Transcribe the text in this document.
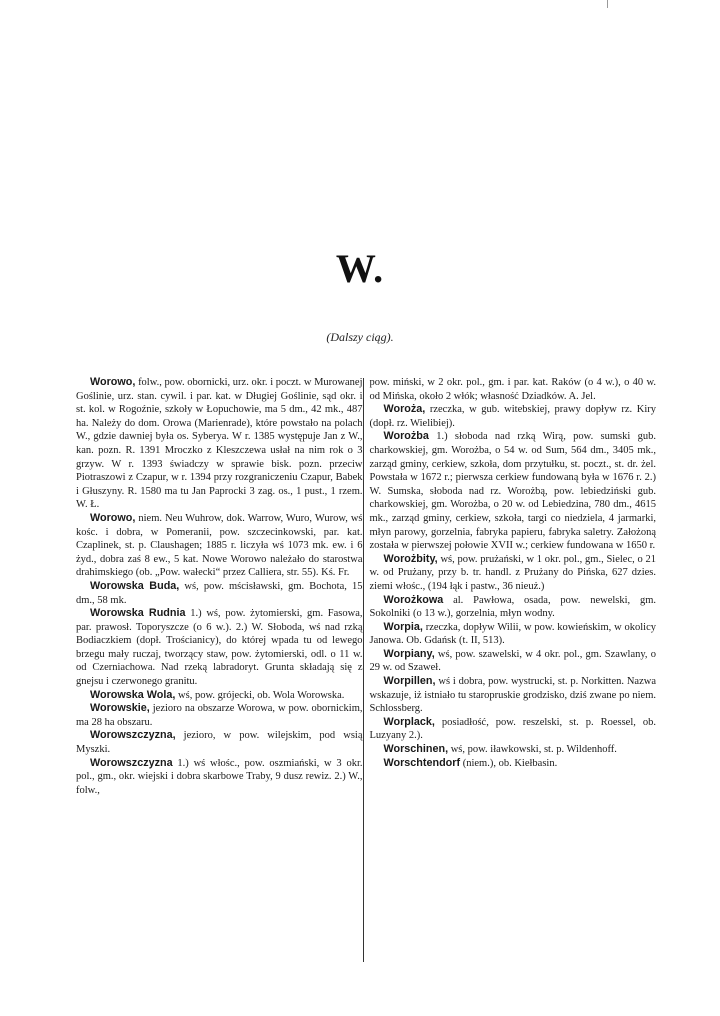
W.
(Dalszy ciąg).

Worowo, folw., pow. obornicki, urz. okr. i poczt. w Murowanej Goślinie, urz. stan. cywil. i par. kat. w Długiej Goślinie, sąd okr. i st. kol. w Rogoźnie, szkoły w Łopuchowie, ma 5 dm., 42 mk., 487 ha. Należy do dom. Orowa (Marienrade), które powstało na polach W., gdzie dawniej była os. Syberya. W r. 1385 występuje Jan z W., kan. pozn. R. 1391 Mroczko z Kleszczewa usłał na nim rok o 3 grzyw. W r. 1393 świadczy w sprawie bisk. pozn. przeciw Piotraszowi z Czapur, w r. 1394 przy rozgraniczeniu Czapur, Babek i Głuszyny. R. 1580 ma tu Jan Paprocki 3 zag. os., 1 pust., 1 rzem. W. Ł.

Worowo, niem. Neu Wuhrow, dok. Warrow, Wuro, Wurow, wś kośc. i dobra, w Pomeranii, pow. szczecinkowski, par. kat. Czaplinek, st. p. Claushagen; 1885 r. liczyła wś 1073 mk. ew. i 6 żyd., dobra zaś 8 ew., 5 kat. Nowe Worowo należało do starostwa drahimskiego (ob. „Pow. wałecki“ przez Calliera, str. 55). Kś. Fr.

Worowska Buda, wś, pow. mścisławski, gm. Bochota, 15 dm., 58 mk.

Worowska Rudnia 1.) wś, pow. żytomierski, gm. Fasowa, par. prawosł. Toporyszcze (o 6 w.). 2.) W. Słoboda, wś nad rzką Bodiaczkiem (dopł. Trościanicy), do której wpada tu od lewego brzegu mały ruczaj, tworzący staw, pow. żytomierski, odl. o 11 w. od Czerniachowa. Nad rzeką labradoryt. Grunta składają się z gnejsu i czerwonego granitu.

Worowska Wola, wś, pow. grójecki, ob. Wola Worowska.

Worowskie, jezioro na obszarze Worowa, w pow. obornickim, ma 28 ha obszaru.

Worowszczyzna, jezioro, w pow. wilejskim, pod wsią Myszki.

Worowszczyzna 1.) wś włośc., pow. oszmiański, w 3 okr. pol., gm., okr. wiejski i dobra skarbowe Traby, 9 dusz rewiz. 2.) W., folw.,

pow. miński, w 2 okr. pol., gm. i par. kat. Raków (o 4 w.), o 40 w. od Mińska, około 2 włók; własność Dziadków. A. Jel.

Woroża, rzeczka, w gub. witebskiej, prawy dopływ rz. Kiry (dopł. rz. Wielibiej).

Worożba 1.) słoboda nad rzką Wirą, pow. sumski gub. charkowskiej, gm. Worożba, o 54 w. od Sum, 564 dm., 3405 mk., zarząd gminy, cerkiew, szkoła, dom przytułku, st. poczt., st. dr. żel. Powstała w 1672 r.; pierwsza cerkiew fundowaną była w 1676 r. 2.) W. Sumska, słoboda nad rz. Worożbą, pow. lebiedziński gub. charkowskiej, gm. Worożba, o 20 w. od Lebiedzina, 780 dm., 4615 mk., zarząd gminy, cerkiew, szkoła, targi co niedziela, 4 jarmarki, młyn parowy, gorzelnia, fabryka papieru, fabryka saletry. Założoną została w pierwszej połowie XVII w.; cerkiew fundowana w 1650 r.

Worożbity, wś, pow. prużański, w 1 okr. pol., gm., Sielec, o 21 w. od Prużany, przy b. tr. handl. z Prużany do Pińska, 627 dzies. ziemi włośc., (194 łąk i pastw., 36 nieuż.)

Worożkowa al. Pawłowa, osada, pow. newelski, gm. Sokolniki (o 13 w.), gorzelnia, młyn wodny.

Worpia, rzeczka, dopływ Wilii, w pow. kowieńskim, w okolicy Janowa. Ob. Gdańsk (t. II, 513).

Worpiany, wś, pow. szawelski, w 4 okr. pol., gm. Szawlany, o 29 w. od Szaweł.

Worpillen, wś i dobra, pow. wystrucki, st. p. Norkitten. Nazwa wskazuje, iż istniało tu staropruskie grodzisko, dziś zwane po niem. Schlossberg.

Worplack, posiadłość, pow. reszelski, st. p. Roessel, ob. Luzyany 2.).

Worschinen, wś, pow. iławkowski, st. p. Wildenhoff.

Worschtendorf (niem.), ob. Kiełbasin.
